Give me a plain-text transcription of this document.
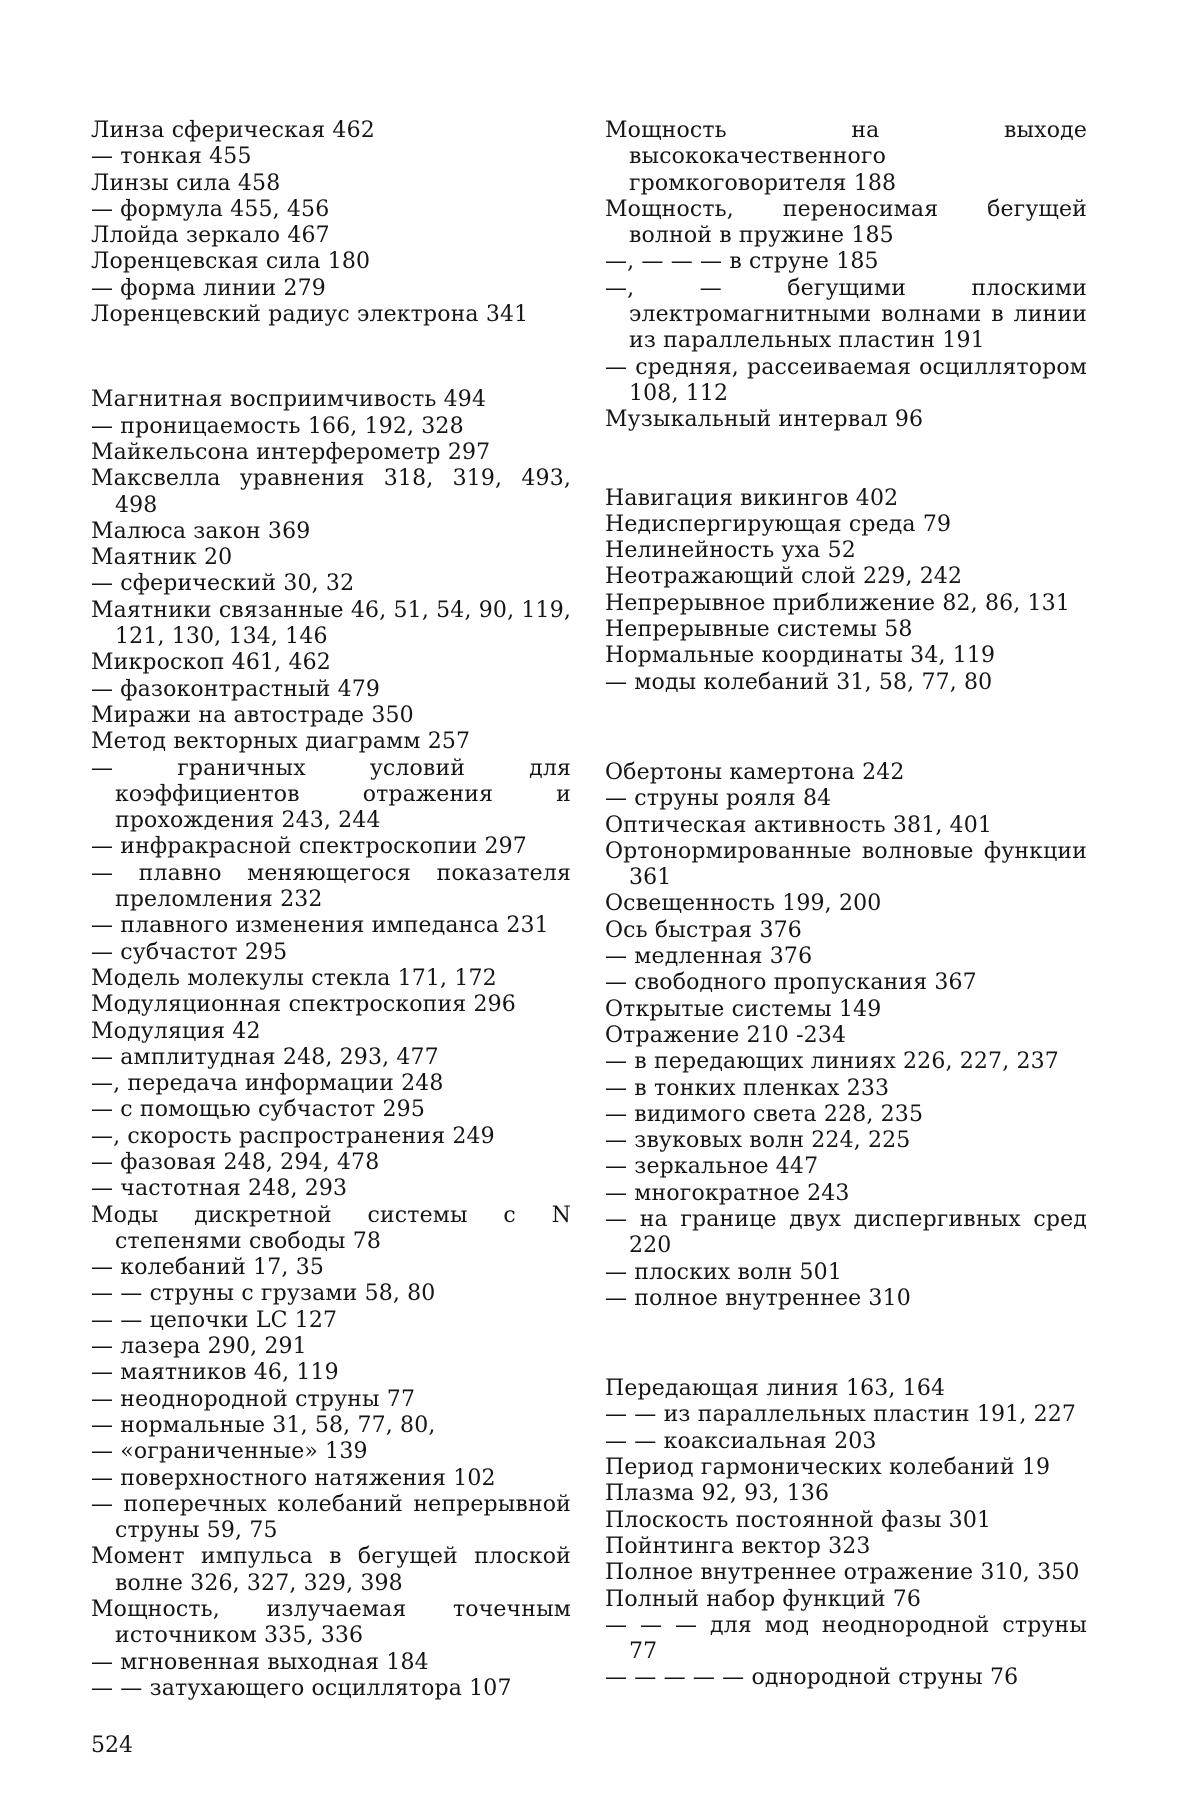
Линза сферическая 462

— тонкая 455

Линзы сила 458

— формула 455, 456

Ллойда зеркало 467

Лоренцевская сила 180

— форма линии 279

Лоренцевский радиус электрона 341

Магнитная восприимчивость 494

— проницаемость 166, 192, 328

Майкельсона интерферометр 297

Максвелла уравнения 318, 319, 493, 498

Малюса закон 369

Маятник 20

— сферический 30, 32

Маятники связанные 46, 51, 54, 90, 119, 121, 130, 134, 146

Микроскоп 461, 462

— фазоконтрастный 479

Миражи на автостраде 350

Метод векторных диаграмм 257

— граничных условий для коэффициентов отражения и прохождения 243, 244

— инфракрасной спектроскопии 297

— плавно меняющегося показателя преломления 232

— плавного изменения импеданса 231

— субчастот 295

Модель молекулы стекла 171, 172

Модуляционная спектроскопия 296

Модуляция 42

— амплитудная 248, 293, 477

—, передача информации 248

— с помощью субчастот 295

—, скорость распространения 249

— фазовая 248, 294, 478

— частотная 248, 293

Моды дискретной системы с N степенями свободы 78

— колебаний 17, 35

— — струны с грузами 58, 80

— — цепочки LC 127

— лазера 290, 291

— маятников 46, 119

— неоднородной струны 77

— нормальные 31, 58, 77, 80,

— «ограниченные» 139

— поверхностного натяжения 102

— поперечных колебаний непрерывной струны 59, 75

Момент импульса в бегущей плоской волне 326, 327, 329, 398

Мощность, излучаемая точечным источником 335, 336

— мгновенная выходная 184

— — затухающего осциллятора 107

Мощность на выходе высококачественного громкоговорителя 188

Мощность, переносимая бегущей волной в пружине 185

—, — — — в струне 185

—, — бегущими плоскими электромагнитными волнами в линии из параллельных пластин 191

— средняя, рассеиваемая осциллятором 108, 112

Музыкальный интервал 96

Навигация викингов 402

Недиспергирующая среда 79

Нелинейность уха 52

Неотражающий слой 229, 242

Непрерывное приближение 82, 86, 131

Непрерывные системы 58

Нормальные координаты 34, 119

— моды колебаний 31, 58, 77, 80

Обертоны камертона 242

— струны рояля 84

Оптическая активность 381, 401

Ортонормированные волновые функции 361

Освещенность 199, 200

Ось быстрая 376

— медленная 376

— свободного пропускания 367

Открытые системы 149

Отражение 210 -234

— в передающих линиях 226, 227, 237

— в тонких пленках 233

— видимого света 228, 235

— звуковых волн 224, 225

— зеркальное 447

— многократное 243

— на границе двух диспергивных сред 220

— плоских волн 501

— полное внутреннее 310

Передающая линия 163, 164

— — из параллельных пластин 191, 227

— — коаксиальная 203

Период гармонических колебаний 19

Плазма 92, 93, 136

Плоскость постоянной фазы 301

Пойнтинга вектор 323

Полное внутреннее отражение 310, 350

Полный набор функций 76

— — — для мод неоднородной струны 77

— — — — — однородной струны 76

524
